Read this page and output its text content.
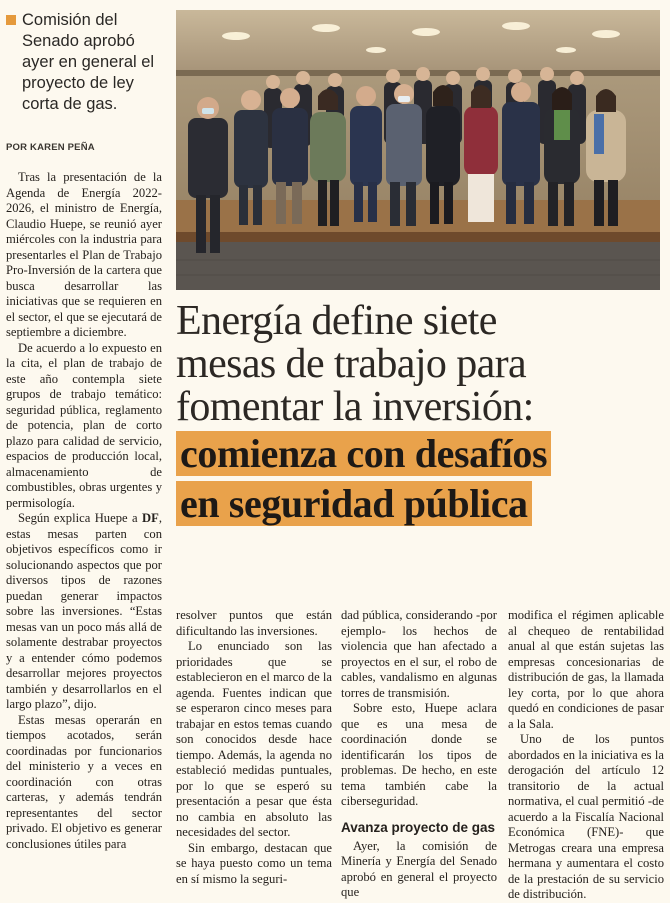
Comisión del Senado aprobó ayer en general el proyecto de ley corta de gas.
POR KAREN PEÑA
Energía define siete
mesas de trabajo para
fomentar la inversión:
comienza con desafíos
en seguridad pública

Tras la presentación de la Agenda de Energía 2022-2026, el ministro de Energía, Claudio Huepe, se reunió ayer miércoles con la industria para presentarles el Plan de Trabajo Pro-Inversión de la cartera que busca desarrollar las iniciativas que se requieren en el sector, el que se ejecutará de septiembre a diciembre.

De acuerdo a lo expuesto en la cita, el plan de trabajo de este año contempla siete grupos de trabajo temático: seguridad pública, reglamento de potencia, plan de corto plazo para calidad de servicio, espacios de producción local, almacenamiento de combustibles, obras urgentes y permisología.

Según explica Huepe a DF, estas mesas parten con objetivos específicos como ir solucionando aspectos que por diversos tipos de razones puedan generar impactos sobre las inversiones. “Estas mesas van un poco más allá de solamente destrabar proyectos y a entender cómo podemos desarrollar mejores proyectos también y desarrollarlos en el largo plazo”, dijo.

Estas mesas operarán en tiempos acotados, serán coordinadas por funcionarios del ministerio y a veces en coordinación con otras carteras, y además tendrán representantes del sector privado. El objetivo es generar conclusiones útiles para

resolver puntos que están dificultando las inversiones.

Lo enunciado son las prioridades que se establecieron en el marco de la agenda. Fuentes indican que se esperaron cinco meses para trabajar en estos temas cuando son conocidos desde hace tiempo. Además, la agenda no estableció medidas puntuales, por lo que se esperó su presentación a pesar que ésta no cambia en absoluto las necesidades del sector.

Sin embargo, destacan que se haya puesto como un tema en sí mismo la seguri-

dad pública, considerando -por ejemplo- los hechos de violencia que han afectado a proyectos en el sur, el robo de cables, vandalismo en algunas torres de transmisión.

Sobre esto, Huepe aclara que es una mesa de coordinación donde se identificarán los tipos de problemas. De hecho, en este tema también cabe la ciberseguridad.

Avanza proyecto de gas

Ayer, la comisión de Minería y Energía del Senado aprobó en general el proyecto que

modifica el régimen aplicable al chequeo de rentabilidad anual al que están sujetas las empresas concesionarias de distribución de gas, la llamada ley corta, por lo que ahora quedó en condiciones de pasar a la Sala.

Uno de los puntos abordados en la iniciativa es la derogación del artículo 12 transitorio de la actual normativa, el cual permitió -de acuerdo a la Fiscalía Nacional Económica (FNE)- que Metrogas creara una empresa hermana y aumentara el costo de la prestación de su servicio de distribución.
